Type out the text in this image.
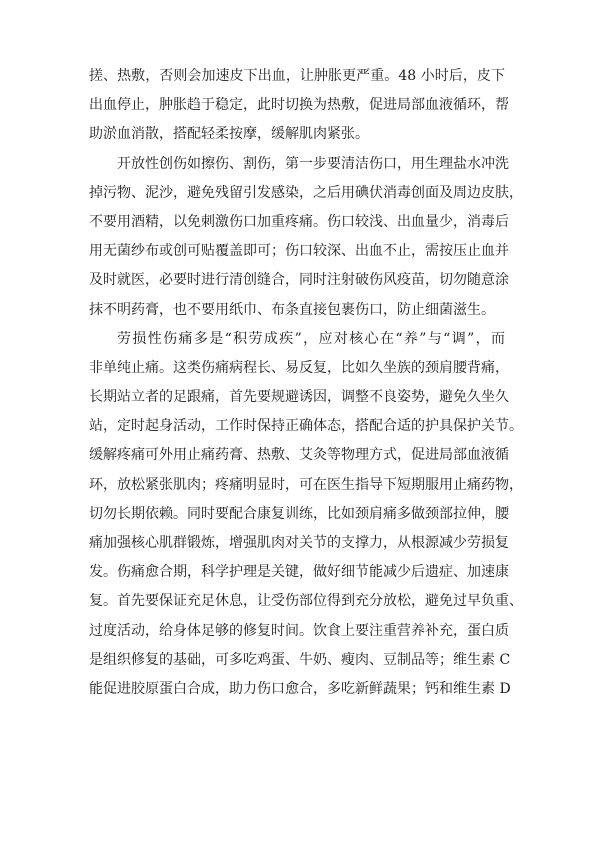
搓、热敷，否则会加速皮下出血，让肿胀更严重。48 小时后，皮下
出血停止，肿胀趋于稳定，此时切换为热敷，促进局部血液循环，帮
助淤血消散，搭配轻柔按摩，缓解肌肉紧张。
开放性创伤如擦伤、割伤，第一步要清洁伤口，用生理盐水冲洗
掉污物、泥沙，避免残留引发感染，之后用碘伏消毒创面及周边皮肤，
不要用酒精，以免刺激伤口加重疼痛。伤口较浅、出血量少，消毒后
用无菌纱布或创可贴覆盖即可；伤口较深、出血不止，需按压止血并
及时就医，必要时进行清创缝合，同时注射破伤风疫苗，切勿随意涂
抹不明药膏，也不要用纸巾、布条直接包裹伤口，防止细菌滋生。
劳损性伤痛多是“积劳成疾”，应对核心在“养”与“调”，而
非单纯止痛。这类伤痛病程长、易反复，比如久坐族的颈肩腰背痛，
长期站立者的足跟痛，首先要规避诱因，调整不良姿势，避免久坐久
站，定时起身活动，工作时保持正确体态，搭配合适的护具保护关节。
缓解疼痛可外用止痛药膏、热敷、艾灸等物理方式，促进局部血液循
环，放松紧张肌肉；疼痛明显时，可在医生指导下短期服用止痛药物，
切勿长期依赖。同时要配合康复训练，比如颈肩痛多做颈部拉伸，腰
痛加强核心肌群锻炼，增强肌肉对关节的支撑力，从根源减少劳损复
发。伤痛愈合期，科学护理是关键，做好细节能减少后遗症、加速康
复。首先要保证充足休息，让受伤部位得到充分放松，避免过早负重、
过度活动，给身体足够的修复时间。饮食上要注重营养补充，蛋白质
是组织修复的基础，可多吃鸡蛋、牛奶、瘦肉、豆制品等；维生素 C
能促进胶原蛋白合成，助力伤口愈合，多吃新鲜蔬果；钙和维生素 D
